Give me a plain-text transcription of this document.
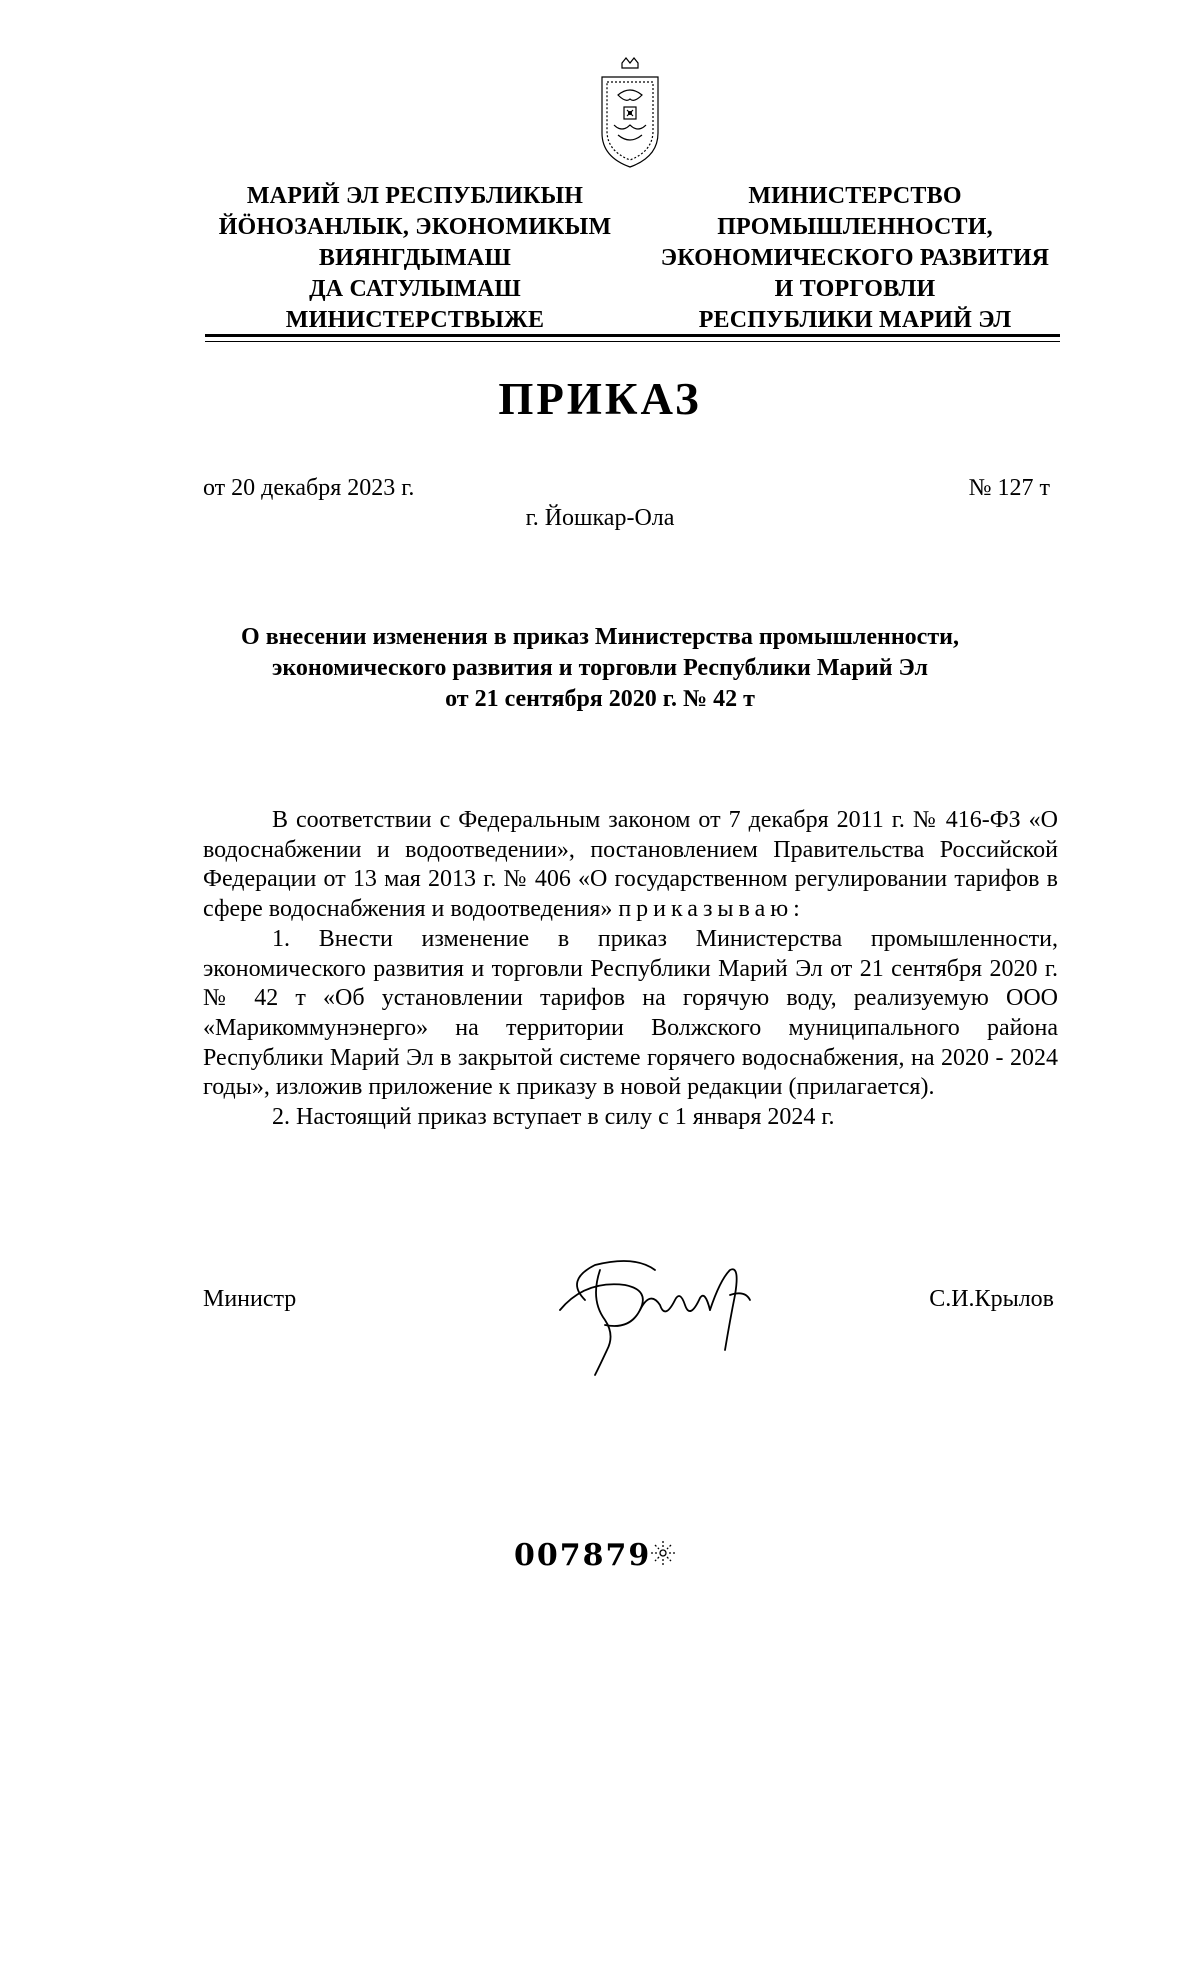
МАРИЙ ЭЛ РЕСПУБЛИКЫН
ЙӦНОЗАНЛЫК, ЭКОНОМИКЫМ
ВИЯНГДЫМАШ
ДА САТУЛЫМАШ
МИНИСТЕРСТВЫЖЕ
МИНИСТЕРСТВО
ПРОМЫШЛЕННОСТИ,
ЭКОНОМИЧЕСКОГО РАЗВИТИЯ
И ТОРГОВЛИ
РЕСПУБЛИКИ МАРИЙ ЭЛ
ПРИКАЗ
от 20 декабря 2023 г.	№ 127 т
г. Йошкар-Ола
О внесении изменения в приказ Министерства промышленности,
экономического развития и торговли Республики Марий Эл
от 21 сентября 2020 г. № 42 т

В соответствии с Федеральным законом от 7 декабря 2011 г. № 416-ФЗ «О водоснабжении и водоотведении», постановлением Правительства Российской Федерации от 13 мая 2013 г. № 406 «О государственном регулировании тарифов в сфере водоснабжения и водоотведения» приказываю:

1. Внести изменение в приказ Министерства промышленности, экономического развития и торговли Республики Марий Эл от 21 сентября 2020 г. № 42 т «Об установлении тарифов на горячую воду, реализуемую ООО «Марикоммунэнерго» на территории Волжского муниципального района Республики Марий Эл в закрытой системе горячего водоснабжения, на 2020 - 2024 годы», изложив приложение к приказу в новой редакции (прилагается).

2. Настоящий приказ вступает в силу с 1 января 2024 г.

Министр	С.И.Крылов
007879
